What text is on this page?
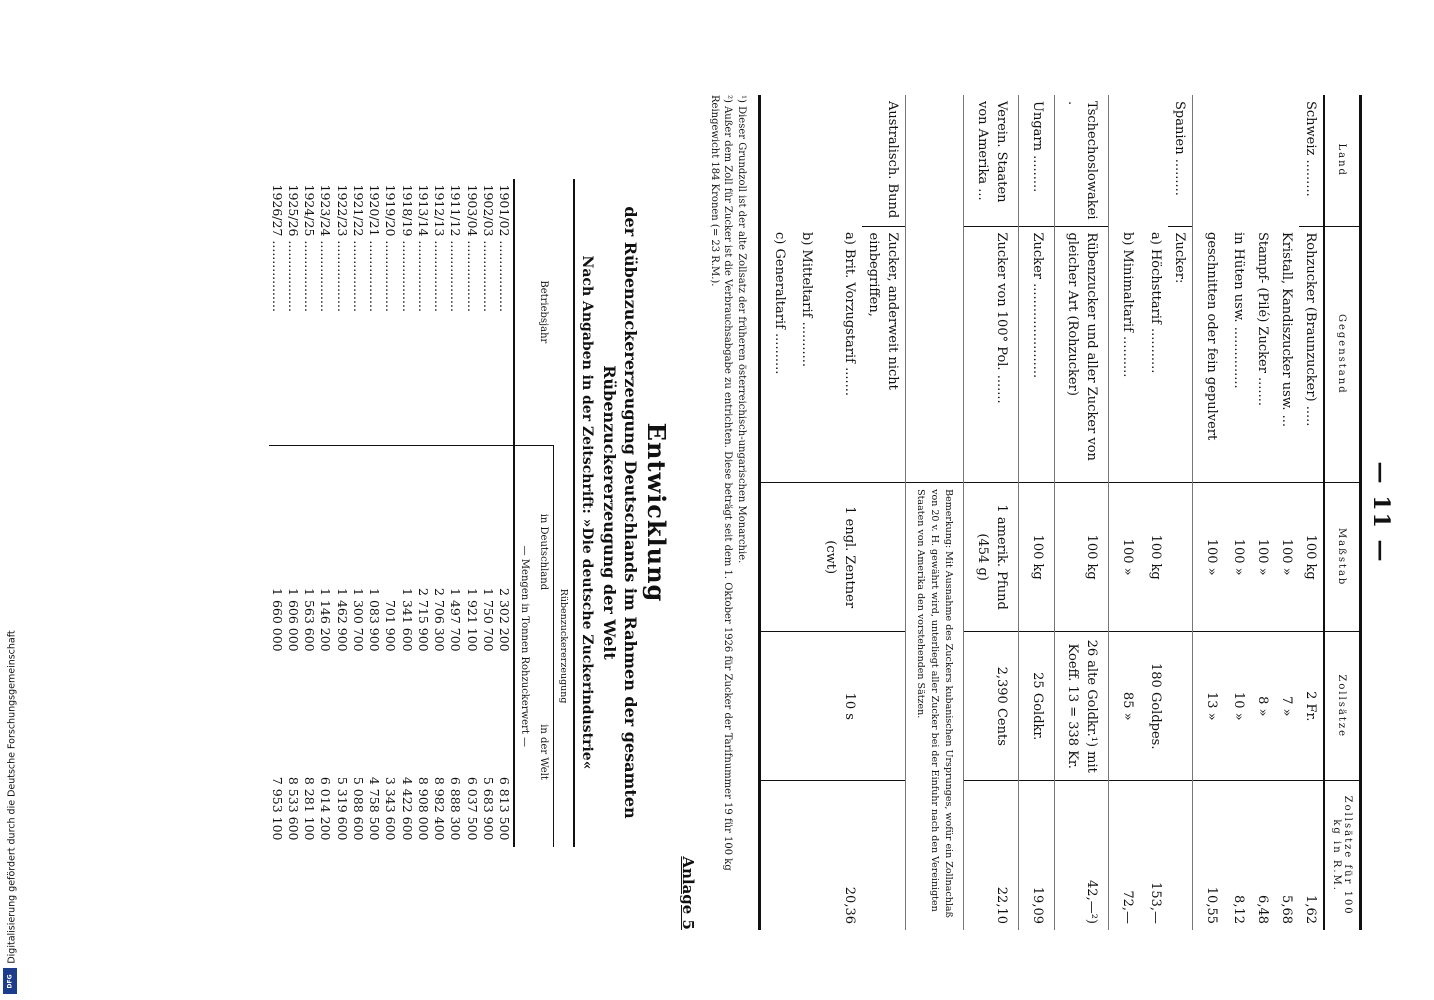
— 11 —
Land	Gegenstand	Maßstab	Zollsätze	Zollsätze für 100 kg in R.M.
Schweiz .........	Rohzucker (Braunzucker) .....	100 kg	2 Fr.	1,62
	Kristall, Kandiszucker usw. ...	100 »	7 »	5,68
	Stampf- (Pilé) Zucker .......	100 »	8 »	6,48
	in Hüten usw. ...............	100 »	10 »	8,12
	geschnitten oder fein gepulvert	100 »	13 »	10,55
Spanien .........	Zucker:			
	a) Höchsttarif ...........	100 kg	180 Goldpes.	153,—
	b) Minimaltarif ..........	100 »	85 »	72,—
Tschechoslowakei .	Rübenzucker und aller Zucker von gleicher Art (Rohzucker)	100 kg	26 alte Goldkr.¹) mit Koeff. 13 = 338 Kr.	42,—²)
Ungarn .........	Zucker .......................	100 kg	25 Goldkr.	19,09
Verein. Staaten von Amerika ...	Zucker von 100° Pol. .......	1 amerik. Pfund (454 g)	2,390 Cents	22,10
		Bemerkung: Mit Ausnahme des Zuckers kubanischen Ursprunges, wofür ein Zollnachlaß von 20 v. H. gewährt wird, unterliegt aller Zucker bei der Einfuhr nach den Vereinigten Staaten von Amerika den vorstehenden Sätzen.		
Australisch. Bund	Zucker, anderweit nicht einbegriffen,			
	a) Brit. Vorzugstarif .......	1 engl. Zentner (cwt)	10 s	20,36
	b) Mitteltarif ...........			
	c) Generaltarif ..........			
¹) Dieser Grundzoll ist der alte Zollsatz der früheren österreichisch-ungarischen Monarchie.
²) Außer dem Zoll für Zucker ist die Verbrauchsabgabe zu entrichten. Diese beträgt seit dem 1. Oktober 1926 für Zucker der Tarifnummer 19 für 100 kg Reingewicht 184 Kronen (= 23 R.M.).
Anlage 5
Entwicklung

der Rübenzuckererzeugung Deutschlands im Rahmen der gesamten

Rübenzuckererzeugung der Welt

Nach Angaben in der Zeitschrift: »Die deutsche Zuckerindustrie«

Betriebsjahr	Rübenzuckererzeugung	
	in Deutschland	in der Welt
	— Mengen in Tonnen Rohzuckerwert —	
1901/02 ..................	2 302 200	6 813 500
1902/03 ..................	1 750 700	5 683 900
1903/04 ..................	1 921 100	6 037 500
1911/12 ..................	1 497 700	6 888 300
1912/13 ..................	2 706 300	8 982 400
1913/14 ..................	2 715 900	8 908 000
1918/19 ..................	1 341 600	4 422 600
1919/20 ..................	701 900	3 343 600
1920/21 ..................	1 083 900	4 758 500
1921/22 ..................	1 300 700	5 088 600
1922/23 ..................	1 462 900	5 319 600
1923/24 ..................	1 146 200	6 014 200
1924/25 ..................	1 563 600	8 281 100
1925/26 ..................	1 606 000	8 533 600
1926/27 ..................	1 660 000	7 953 100
Digitalisierung gefördert durch die Deutsche Forschungsgemeinschaft
DFG
